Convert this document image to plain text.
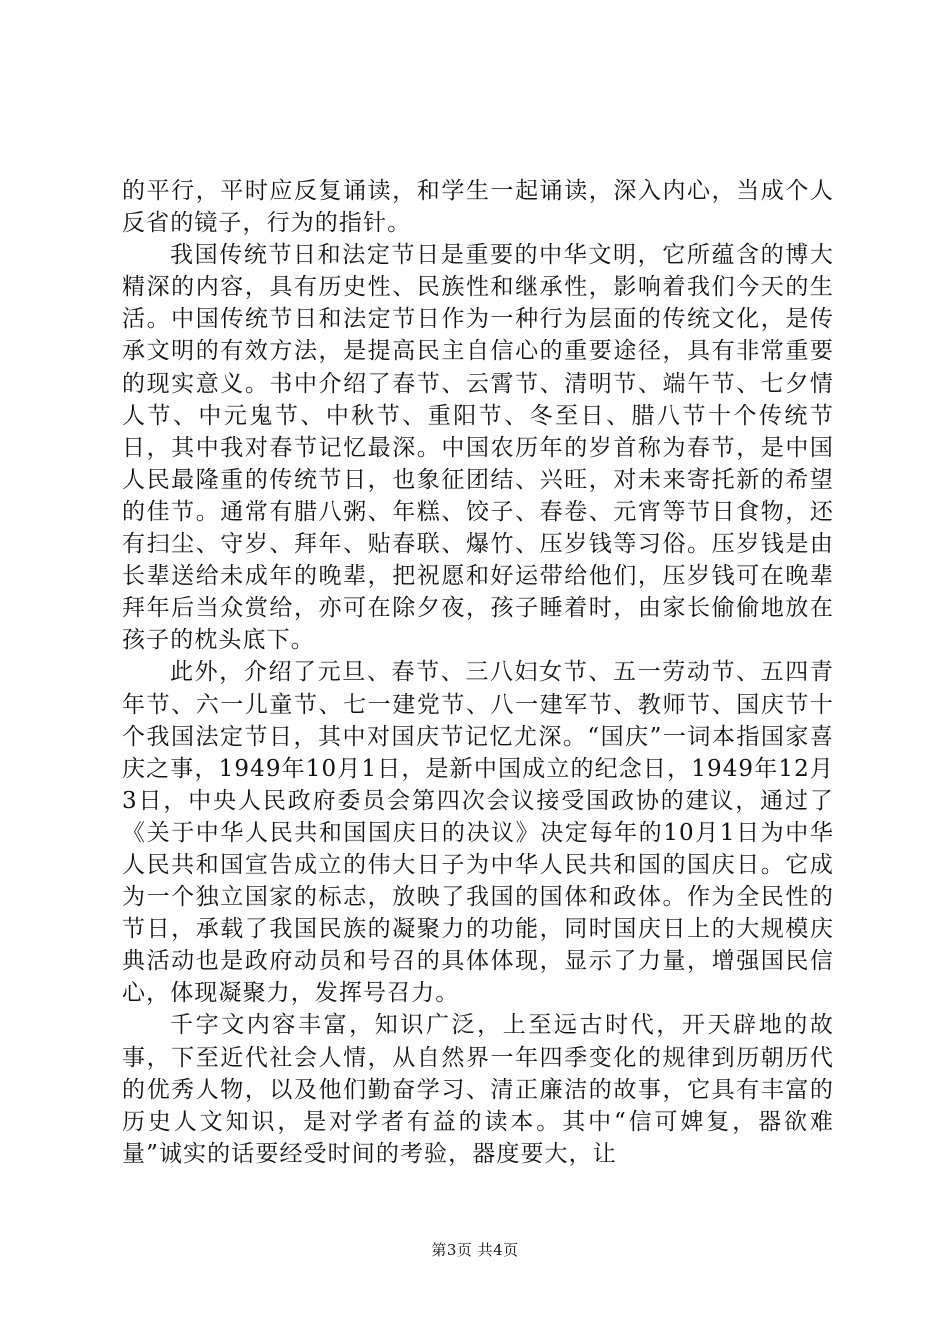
的平行，平时应反复诵读，和学生一起诵读，深入内心，当成个人反省的镜子，行为的指针。

我国传统节日和法定节日是重要的中华文明，它所蕴含的博大精深的内容，具有历史性、民族性和继承性，影响着我们今天的生活。中国传统节日和法定节日作为一种行为层面的传统文化，是传承文明的有效方法，是提高民主自信心的重要途径，具有非常重要的现实意义。书中介绍了春节、云霄节、清明节、端午节、七夕情人节、中元鬼节、中秋节、重阳节、冬至日、腊八节十个传统节日，其中我对春节记忆最深。中国农历年的岁首称为春节，是中国人民最隆重的传统节日，也象征团结、兴旺，对未来寄托新的希望的佳节。通常有腊八粥、年糕、饺子、春卷、元宵等节日食物，还有扫尘、守岁、拜年、贴春联、爆竹、压岁钱等习俗。压岁钱是由长辈送给未成年的晚辈，把祝愿和好运带给他们，压岁钱可在晚辈拜年后当众赏给，亦可在除夕夜，孩子睡着时，由家长偷偷地放在孩子的枕头底下。

此外，介绍了元旦、春节、三八妇女节、五一劳动节、五四青年节、六一儿童节、七一建党节、八一建军节、教师节、国庆节十个我国法定节日，其中对国庆节记忆尤深。“国庆”一词本指国家喜庆之事，1949年10月1日，是新中国成立的纪念日，1949年12月3日，中央人民政府委员会第四次会议接受国政协的建议，通过了《关于中华人民共和国国庆日的决议》决定每年的10月1日为中华人民共和国宣告成立的伟大日子为中华人民共和国的国庆日。它成为一个独立国家的标志，放映了我国的国体和政体。作为全民性的节日，承载了我国民族的凝聚力的功能，同时国庆日上的大规模庆典活动也是政府动员和号召的具体体现，显示了力量，增强国民信心，体现凝聚力，发挥号召力。

千字文内容丰富，知识广泛，上至远古时代，开天辟地的故事，下至近代社会人情，从自然界一年四季变化的规律到历朝历代的优秀人物，以及他们勤奋学习、清正廉洁的故事，它具有丰富的历史人文知识，是对学者有益的读本。其中“信可婢复，器欲难量”诚实的话要经受时间的考验，器度要大，让

第3页 共4页
